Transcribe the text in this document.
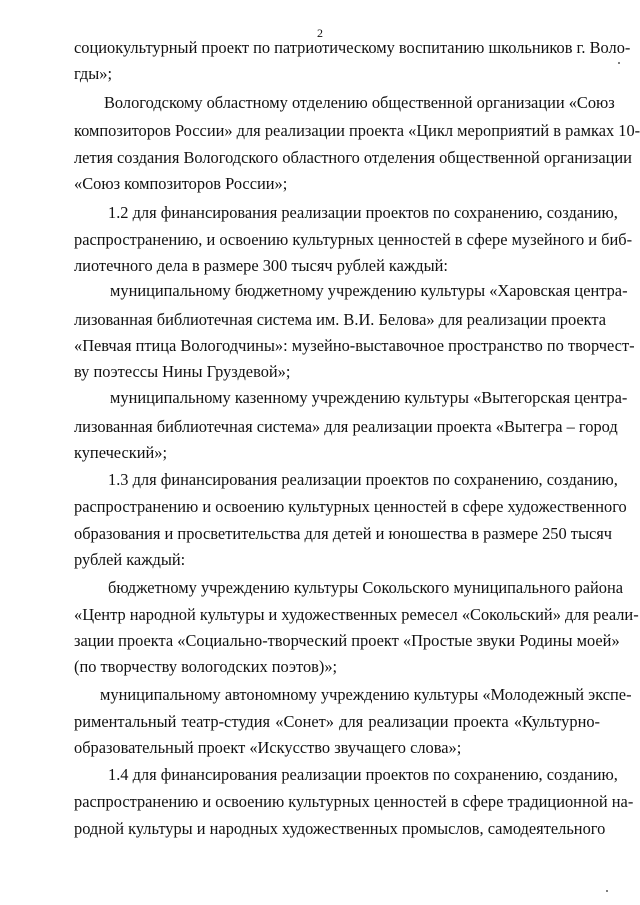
2
социокультурный проект по патриотическому воспитанию школьников г. Воло-
гды»;
Вологодскому областному отделению общественной организации «Союз
композиторов России» для реализации проекта «Цикл мероприятий в рамках 10-
летия создания Вологодского областного отделения общественной организации
«Союз композиторов России»;
1.2 для финансирования реализации проектов по сохранению, созданию,
распространению, и освоению культурных ценностей в сфере музейного и биб-
лиотечного дела в размере 300 тысяч рублей каждый:
муниципальному бюджетному учреждению культуры «Харовская центра-
лизованная библиотечная система им. В.И. Белова» для реализации проекта
«Певчая птица Вологодчины»: музейно-выставочное пространство по творчест-
ву поэтессы Нины Груздевой»;
муниципальному казенному учреждению культуры «Вытегорская центра-
лизованная библиотечная система» для реализации проекта «Вытегра – город
купеческий»;
1.3 для финансирования реализации проектов по сохранению, созданию,
распространению и освоению культурных ценностей в сфере художественного
образования и просветительства для детей и юношества в размере 250 тысяч
рублей каждый:
бюджетному учреждению культуры Сокольского муниципального района
«Центр народной культуры и художественных ремесел «Сокольский» для реали-
зации проекта «Социально-творческий проект «Простые звуки Родины моей»
(по творчеству вологодских поэтов)»;
муниципальному автономному учреждению культуры «Молодежный экспе-
риментальный театр-студия «Сонет» для реализации проекта «Культурно-
образовательный проект «Искусство звучащего слова»;
1.4 для финансирования реализации проектов по сохранению, созданию,
распространению и освоению культурных ценностей в сфере традиционной на-
родной культуры и народных художественных промыслов, самодеятельного
